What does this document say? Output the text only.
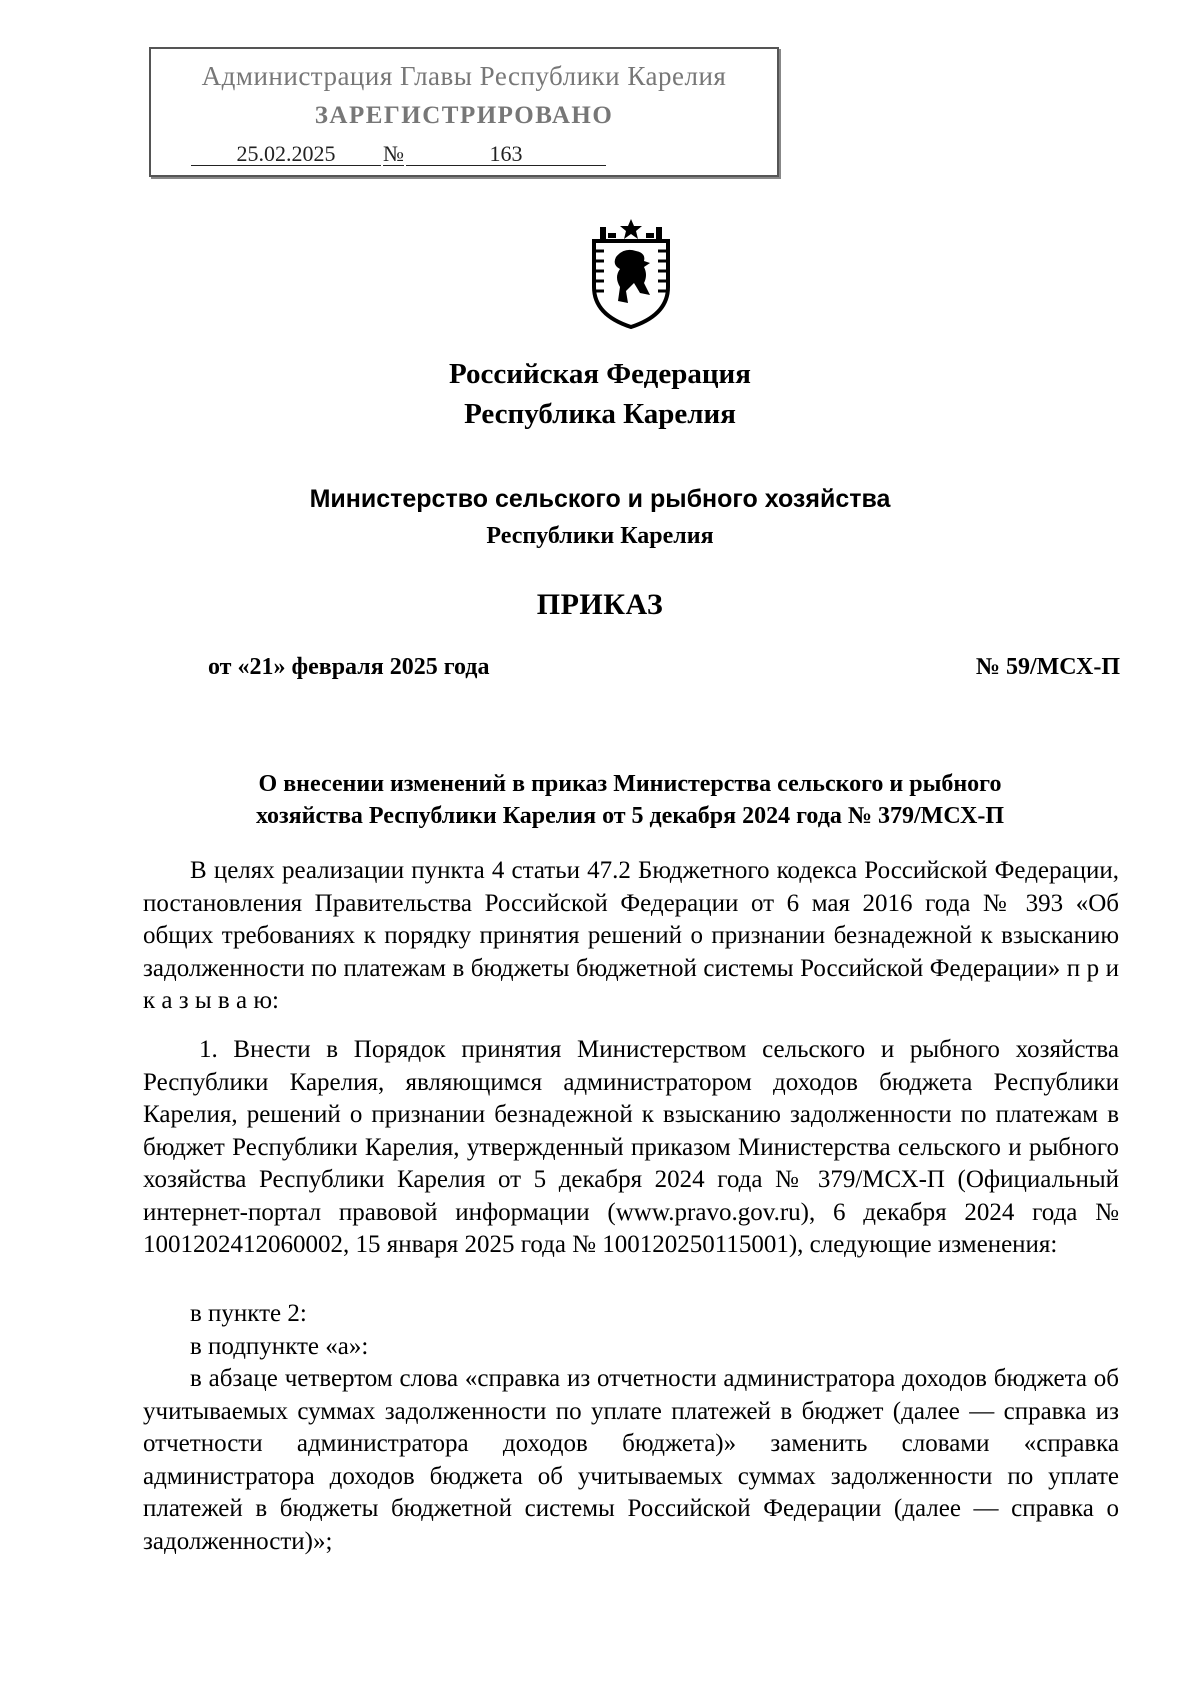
Администрация Главы Республики Карелия
ЗАРЕГИСТРИРОВАНО
25.02.2025 №	163
Российская Федерация
Республика Карелия
Министерство сельского и рыбного хозяйства
Республики Карелия
ПРИКАЗ
от «21» февраля 2025 года	№ 59/МСХ-П
О внесении изменений в приказ Министерства сельского и рыбного
хозяйства Республики Карелия от 5 декабря 2024 года № 379/МСХ-П

В целях реализации пункта 4 статьи 47.2 Бюджетного кодекса Российской Федерации, постановления Правительства Российской Федерации от 6 мая 2016 года № 393 «Об общих требованиях к порядку принятия решений о признании безнадежной к взысканию задолженности по платежам в бюджеты бюджетной системы Российской Федерации» п р и к а з ы в а ю:

1. Внести в Порядок принятия Министерством сельского и рыбного хозяйства Республики Карелия, являющимся администратором доходов бюджета Республики Карелия, решений о признании безнадежной к взысканию задолженности по платежам в бюджет Республики Карелия, утвержденный приказом Министерства сельского и рыбного хозяйства Республики Карелия от 5 декабря 2024 года № 379/МСХ-П (Официальный интернет-портал правовой информации (www.pravo.gov.ru), 6 декабря 2024 года № 1001202412060002, 15 января 2025 года № 100120250115001), следующие изменения:

в пункте 2:

в подпункте «а»:

в абзаце четвертом слова «справка из отчетности администратора доходов бюджета об учитываемых суммах задолженности по уплате платежей в бюджет (далее — справка из отчетности администратора доходов бюджета)» заменить словами «справка администратора доходов бюджета об учитываемых суммах задолженности по уплате платежей в бюджеты бюджетной системы Российской Федерации (далее — справка о задолженности)»;
